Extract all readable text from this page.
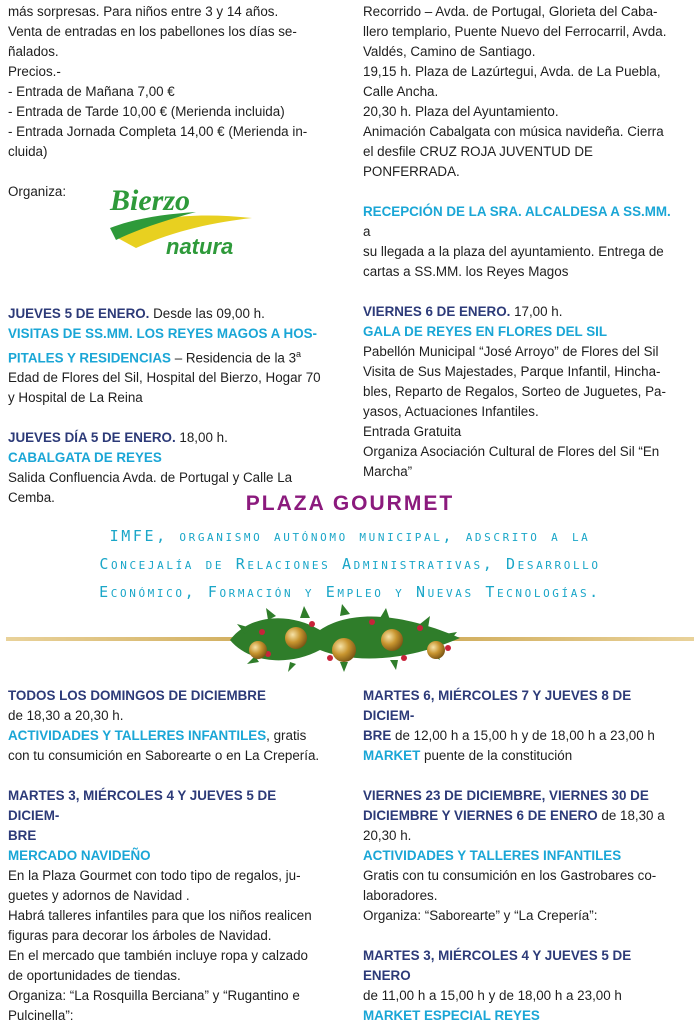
más sorpresas. Para niños entre 3 y 14 años.

Venta de entradas en los pabellones los días se-

ñalados.

Precios.-

- Entrada de Mañana 7,00 €

- Entrada de Tarde 10,00 € (Merienda incluida)

- Entrada Jornada Completa 14,00 € (Merienda in-

cluida)

Organiza: Bierzo
natura

JUEVES 5 DE ENERO. Desde las 09,00 h.

VISITAS DE SS.MM. LOS REYES MAGOS A HOS-

PITALES Y RESIDENCIAS – Residencia de la 3$^a$

Edad de Flores del Sil, Hospital del Bierzo, Hogar 70

y Hospital de La Reina

JUEVES DÍA 5 DE ENERO. 18,00 h.

CABALGATA DE REYES

Salida Confluencia Avda. de Portugal y Calle La

Cemba.

Recorrido – Avda. de Portugal, Glorieta del Caba-

llero templario, Puente Nuevo del Ferrocarril, Avda.

Valdés, Camino de Santiago.

19,15 h. Plaza de Lazúrtegui, Avda. de La Puebla,

Calle Ancha.

20,30 h. Plaza del Ayuntamiento.

Animación Cabalgata con música navideña. Cierra

el desfile CRUZ ROJA JUVENTUD DE PONFERRADA.

RECEPCIÓN DE LA SRA. ALCALDESA A SS.MM. a

su llegada a la plaza del ayuntamiento. Entrega de

cartas a SS.MM. los Reyes Magos

VIERNES 6 DE ENERO. 17,00 h.

GALA DE REYES EN FLORES DEL SIL

Pabellón Municipal “José Arroyo” de Flores del Sil

Visita de Sus Majestades, Parque Infantil, Hincha-

bles, Reparto de Regalos, Sorteo de Juguetes, Pa-

yasos, Actuaciones Infantiles.

Entrada Gratuita

Organiza Asociación Cultural de Flores del Sil “En

Marcha”

PLAZA GOURMET
IMFE, organismo autónomo municipal, adscrito a la
Concejalía de Relaciones Administrativas, Desarrollo
Económico, Formación y Empleo y Nuevas Tecnologías.

TODOS LOS DOMINGOS DE DICIEMBRE

de 18,30 a 20,30 h.

ACTIVIDADES Y TALLERES INFANTILES, gratis

con tu consumición en Saborearte o en La Crepería.

MARTES 3, MIÉRCOLES 4 Y JUEVES 5 DE DICIEM-

BRE

MERCADO NAVIDEÑO

En la Plaza Gourmet con todo tipo de regalos, ju-

guetes y adornos de Navidad .

Habrá talleres infantiles para que los niños realicen

figuras para decorar los árboles de Navidad.

En el mercado que también incluye ropa y calzado

de oportunidades de tiendas.

Organiza: “La Rosquilla Berciana” y “Rugantino e

Pulcinella”:

MARTES 6, MIÉRCOLES 7 Y JUEVES 8 DE DICIEM-

BRE de 12,00 h a 15,00 h y de 18,00 h a 23,00 h

MARKET puente de la constitución

VIERNES 23 DE DICIEMBRE, VIERNES 30 DE

DICIEMBRE Y VIERNES 6 DE ENERO de 18,30 a

20,30 h.

ACTIVIDADES Y TALLERES INFANTILES

Gratis con tu consumición en los Gastrobares co-

laboradores.

Organiza: “Saborearte” y “La Crepería”:

MARTES 3, MIÉRCOLES 4 Y JUEVES 5 DE ENERO

de 11,00 h a 15,00 h y de 18,00 h a 23,00 h

MARKET ESPECIAL REYES
